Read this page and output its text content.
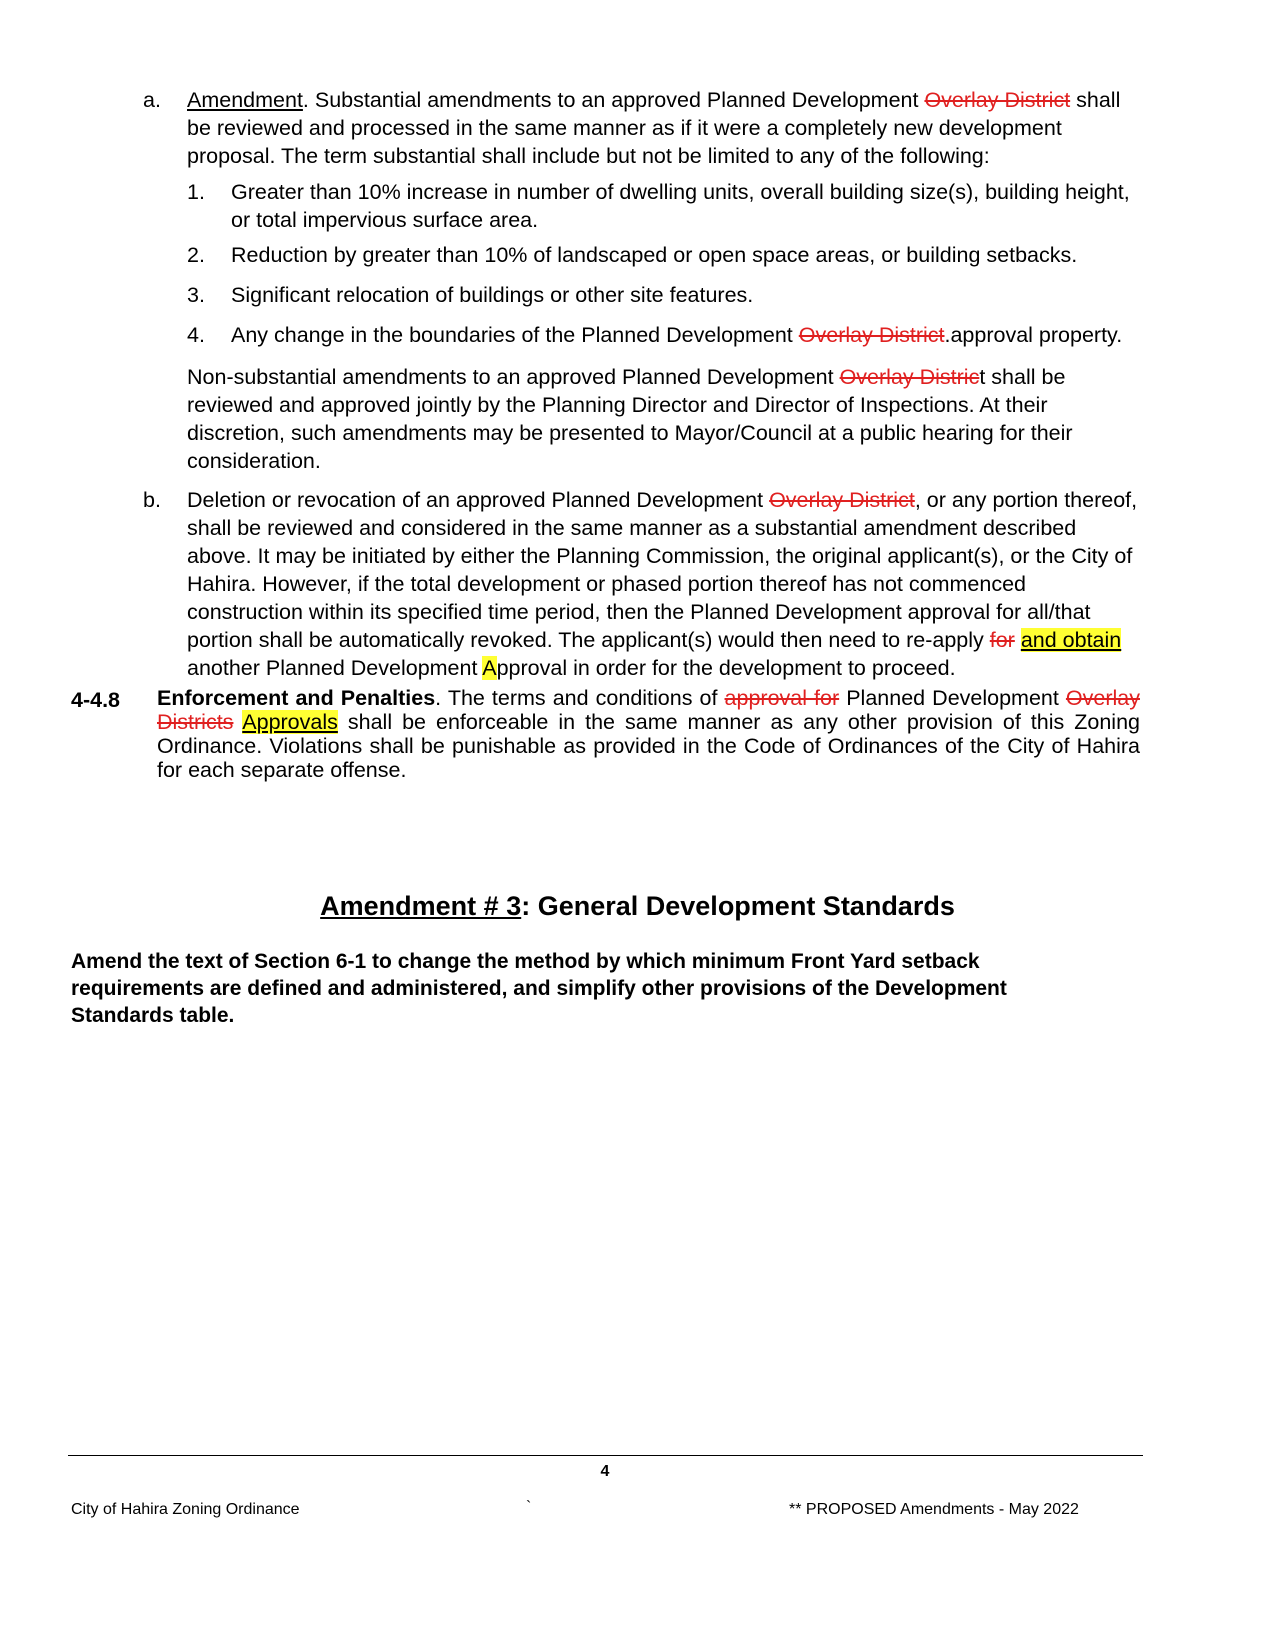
a. Amendment. Substantial amendments to an approved Planned Development Overlay District shall be reviewed and processed in the same manner as if it were a completely new development proposal. The term substantial shall include but not be limited to any of the following:
1. Greater than 10% increase in number of dwelling units, overall building size(s), building height, or total impervious surface area.
2. Reduction by greater than 10% of landscaped or open space areas, or building setbacks.
3. Significant relocation of buildings or other site features.
4. Any change in the boundaries of the Planned Development Overlay District.approval property.
Non-substantial amendments to an approved Planned Development Overlay District shall be reviewed and approved jointly by the Planning Director and Director of Inspections. At their discretion, such amendments may be presented to Mayor/Council at a public hearing for their consideration.
b. Deletion or revocation of an approved Planned Development Overlay District, or any portion thereof, shall be reviewed and considered in the same manner as a substantial amendment described above. It may be initiated by either the Planning Commission, the original applicant(s), or the City of Hahira. However, if the total development or phased portion thereof has not commenced construction within its specified time period, then the Planned Development approval for all/that portion shall be automatically revoked. The applicant(s) would then need to re-apply for and obtain another Planned Development Approval in order for the development to proceed.
4-4.8 Enforcement and Penalties. The terms and conditions of approval for Planned Development Overlay Districts Approvals shall be enforceable in the same manner as any other provision of this Zoning Ordinance. Violations shall be punishable as provided in the Code of Ordinances of the City of Hahira for each separate offense.
Amendment # 3: General Development Standards
Amend the text of Section 6-1 to change the method by which minimum Front Yard setback requirements are defined and administered, and simplify other provisions of the Development Standards table.
4
City of Hahira Zoning Ordinance	`	** PROPOSED Amendments - May 2022
